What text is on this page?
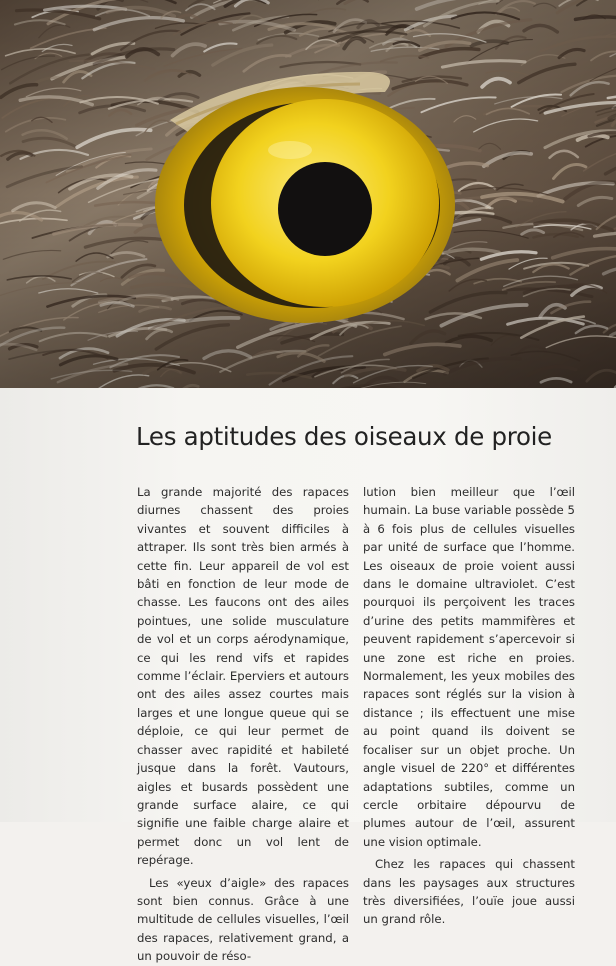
Les aptitudes des oiseaux de proie

La grande majorité des rapaces diurnes chassent des proies vivantes et souvent difficiles à attraper. Ils sont très bien armés à cette fin. Leur appareil de vol est bâti en fonction de leur mode de chasse. Les faucons ont des ailes pointues, une solide musculature de vol et un corps aérodynamique, ce qui les rend vifs et rapides comme l’éclair. Eperviers et autours ont des ailes assez courtes mais larges et une longue queue qui se déploie, ce qui leur permet de chasser avec rapidité et habileté jusque dans la forêt. Vautours, aigles et busards possèdent une grande surface alaire, ce qui signifie une faible charge alaire et permet donc un vol lent de repérage.

Les «yeux d’aigle» des rapaces sont bien connus. Grâce à une multitude de cellules visuelles, l’œil des rapaces, relativement grand, a un pouvoir de réso-

lution bien meilleur que l’œil humain. La buse variable possède 5 à 6 fois plus de cellules visuelles par unité de surface que l’homme. Les oiseaux de proie voient aussi dans le domaine ultraviolet. C’est pourquoi ils perçoivent les traces d’urine des petits mammifères et peuvent rapidement s’apercevoir si une zone est riche en proies. Normalement, les yeux mobiles des rapaces sont réglés sur la vision à distance ; ils effectuent une mise au point quand ils doivent se focaliser sur un objet proche. Un angle visuel de 220° et différentes adaptations subtiles, comme un cercle orbitaire dépourvu de plumes autour de l’œil, assurent une vision optimale.

Chez les rapaces qui chassent dans les paysages aux structures très diversifiées, l’ouïe joue aussi un grand rôle.
